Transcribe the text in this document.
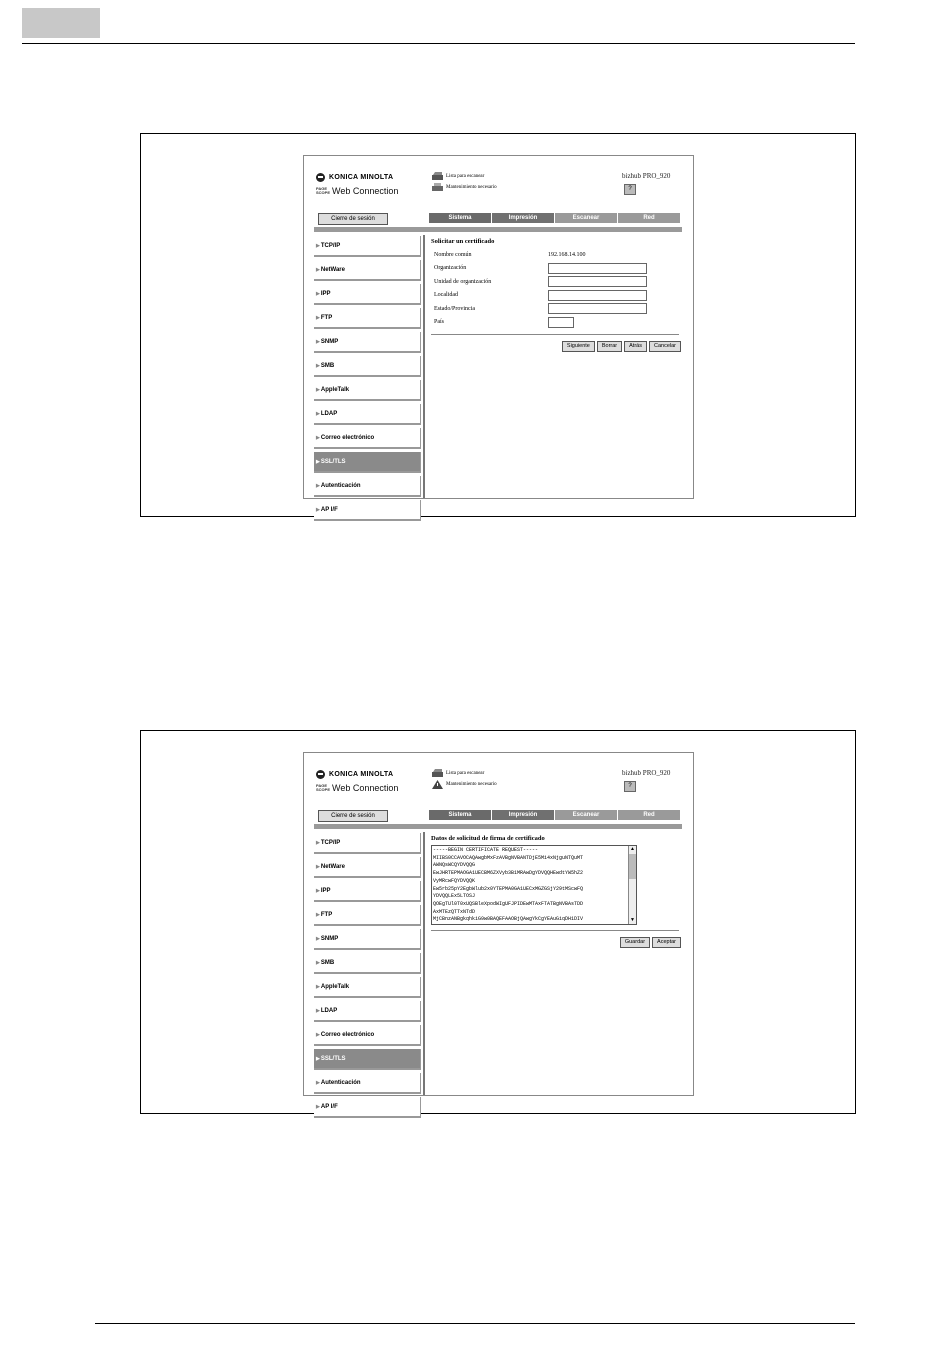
KONICA MINOLTA
PAGE SCOPE Web Connection
Lista para escanear
Mantenimiento necesario
bizhub PRO_920
?
Cierre de sesión	Sistema	Impresión	Escanear	Red
▶ TCP/IP
▶ NetWare
▶ IPP
▶ FTP
▶ SNMP
▶ SMB
▶ AppleTalk
▶ LDAP
▶ Correo electrónico
▶ SSL/TLS
▶ Autenticación
▶ AP I/F
Solicitar un certificado
Nombre común	192.168.14.100
Organización
Unidad de organización
Localidad
Estado/Provincia
País
Siguiente	Borrar	Atrás	Cancelar
KONICA MINOLTA
PAGE SCOPE Web Connection
Lista para escanear
Mantenimiento necesario
bizhub PRO_920
?
Cierre de sesión	Sistema	Impresión	Escanear	Red
▶ TCP/IP
▶ NetWare
▶ IPP
▶ FTP
▶ SNMP
▶ SMB
▶ AppleTalk
▶ LDAP
▶ Correo electrónico
▶ SSL/TLS
▶ Autenticación
▶ AP I/F
Datos de solicitud de firma de certificado
-----BEGIN CERTIFICATE REQUEST-----
MIIBS0CCAVOCAQAwgbMxFzAVBgNVBANTDjE5Mi4xNjguNTQuMT
AWNQsWCQYDVQQG
EwJHRTEPMAOGA1UECBM6ZXVyb3B1MRAwDgYDVQQHEwdtYW5hZ2
VyMRcwFQYDVQQK
Ew5rb25pY2EgbWlub2x0YTEPMA0GA1UECxMGZGSjY29tMScwFQ
YDVQQLEx5LTOSJ
QOEgTUl0T0xUQSBleXpodWIgUFJPIDEwMTAxFTATBgNVBAsTDD
AxMTEzQTTxNTdD
MjCBnzANBgkqhkiG9w0BAQEFAAOBjQAwgYkCgYEAuGiqDH1DIV
▲
▼
Guardar	Aceptar
